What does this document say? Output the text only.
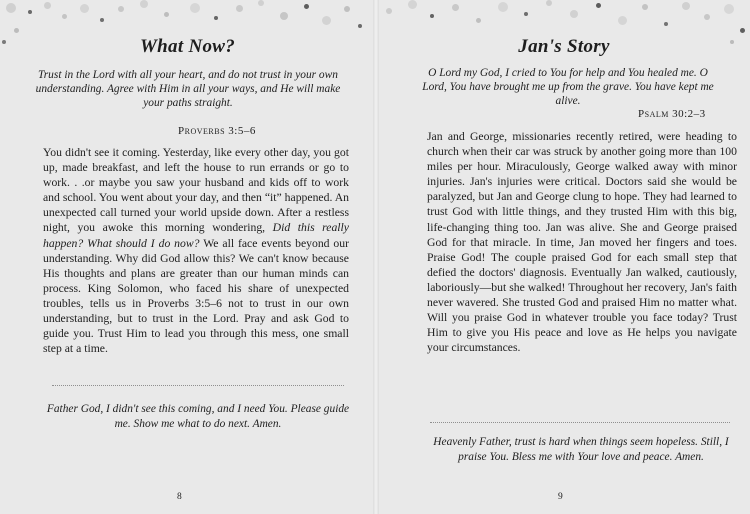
What Now?
Trust in the Lord with all your heart, and do not trust in your own understanding. Agree with Him in all your ways, and He will make your paths straight.
Proverbs 3:5–6
You didn't see it coming. Yesterday, like every other day, you got up, made breakfast, and left the house to run errands or go to work. . .or maybe you saw your husband and kids off to work and school. You went about your day, and then “it” happened. An unexpected call turned your world upside down. After a restless night, you awoke this morning wondering, Did this really happen? What should I do now? We all face events beyond our understanding. Why did God allow this? We can't know because His thoughts and plans are greater than our human minds can process. King Solomon, who faced his share of unexpected troubles, tells us in Proverbs 3:5–6 not to trust in our own understanding, but to trust in the Lord. Pray and ask God to guide you. Trust Him to lead you through this mess, one small step at a time.
Father God, I didn't see this coming, and I need You. Please guide me. Show me what to do next. Amen.
8
Jan's Story
O Lord my God, I cried to You for help and You healed me. O Lord, You have brought me up from the grave. You have kept me alive.
Psalm 30:2–3
Jan and George, missionaries recently retired, were heading to church when their car was struck by another going more than 100 miles per hour. Miraculously, George walked away with minor injuries. Jan's injuries were critical. Doctors said she would be paralyzed, but Jan and George clung to hope. They had learned to trust God with little things, and they trusted Him with this big, life-changing thing too. Jan was alive. She and George praised God for that miracle. In time, Jan moved her fingers and toes. Praise God! The couple praised God for each small step that defied the doctors' diagnosis. Eventually Jan walked, cautiously, laboriously—but she walked! Throughout her recovery, Jan's faith never wavered. She trusted God and praised Him no matter what. Will you praise God in whatever trouble you face today? Trust Him to give you His peace and love as He helps you navigate your circumstances.
Heavenly Father, trust is hard when things seem hopeless. Still, I praise You. Bless me with Your love and peace. Amen.
9
